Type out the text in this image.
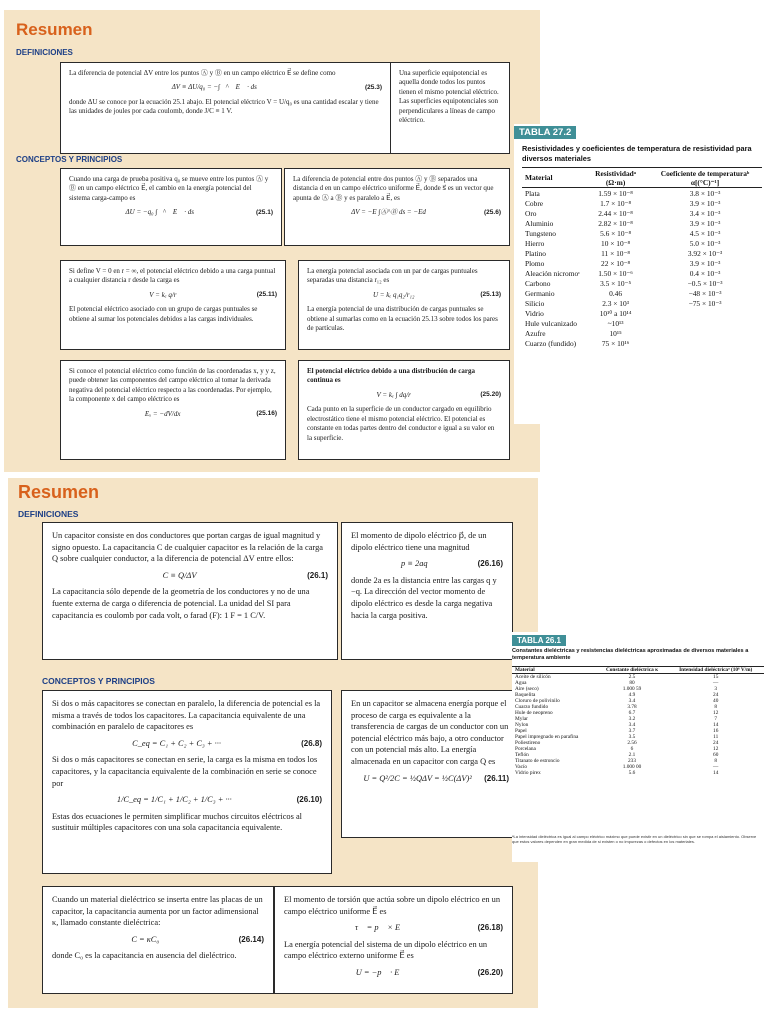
Resumen
DEFINICIONES

La diferencia de potencial ΔV entre los puntos Ⓐ y Ⓑ en un campo eléctrico E⃗ se define como

ΔV ≡ ΔU/q₀ = −∫Ⓐ^Ⓑ E⃗ · ds⃗	(25.3)

donde ΔU se conoce por la ecuación 25.1 abajo. El potencial eléctrico V = U/q₀ es una cantidad escalar y tiene las unidades de joules por cada coulomb, donde J/C ≡ 1 V.

Una superficie equipotencial es aquella donde todos los puntos tienen el mismo potencial eléctrico. Las superficies equipotenciales son perpendiculares a líneas de campo eléctrico.

CONCEPTOS Y PRINCIPIOS

Cuando una carga de prueba positiva q₀ se mueve entre los puntos Ⓐ y Ⓑ en un campo eléctrico E⃗, el cambio en la energía potencial del sistema carga-campo es

ΔU = −q₀ ∫Ⓐ^Ⓑ E⃗ · ds⃗	(25.1)

La diferencia de potencial entre dos puntos Ⓐ y Ⓑ separados una distancia d en un campo eléctrico uniforme E⃗, donde s⃗ es un vector que apunta de Ⓐ a Ⓑ y es paralelo a E⃗, es

ΔV = −E ∫Ⓐ^Ⓑ ds = −Ed	(25.6)

Si define V = 0 en r = ∞, el potencial eléctrico debido a una carga puntual a cualquier distancia r desde la carga es

V = kₑ q/r	(25.11)

El potencial eléctrico asociado con un grupo de cargas puntuales se obtiene al sumar los potenciales debidos a las cargas individuales.

La energía potencial asociada con un par de cargas puntuales separadas una distancia r₁₂ es

U = kₑ q₁q₂/r₁₂	(25.13)

La energía potencial de una distribución de cargas puntuales se obtiene al sumarlas como en la ecuación 25.13 sobre todos los pares de partículas.

Si conoce el potencial eléctrico como función de las coordenadas x, y y z, puede obtener las componentes del campo eléctrico al tomar la derivada negativa del potencial eléctrico respecto a las coordenadas. Por ejemplo, la componente x del campo eléctrico es

Eₓ = −dV/dx	(25.16)

El potencial eléctrico debido a una distribución de carga continua es

V = kₑ ∫ dq/r	(25.20)

Cada punto en la superficie de un conductor cargado en equilibrio electrostático tiene el mismo potencial eléctrico. El potencial es constante en todas partes dentro del conductor e igual a su valor en la superficie.

TABLA 27.2
Resistividades y coeficientes de temperatura de resistividad para diversos materiales
Material	Resistividadᵃ (Ω·m)	Coeficiente de temperaturaᵇ α[(°C)⁻¹]
Plata	1.59 × 10⁻⁸	3.8 × 10⁻³
Cobre	1.7 × 10⁻⁸	3.9 × 10⁻³
Oro	2.44 × 10⁻⁸	3.4 × 10⁻³
Aluminio	2.82 × 10⁻⁸	3.9 × 10⁻³
Tungsteno	5.6 × 10⁻⁸	4.5 × 10⁻³
Hierro	10 × 10⁻⁸	5.0 × 10⁻³
Platino	11 × 10⁻⁸	3.92 × 10⁻³
Plomo	22 × 10⁻⁸	3.9 × 10⁻³
Aleación nicromoᶜ	1.50 × 10⁻⁶	0.4 × 10⁻³
Carbono	3.5 × 10⁻⁵	−0.5 × 10⁻³
Germanio	0.46	−48 × 10⁻³
Silicio	2.3 × 10³	−75 × 10⁻³
Vidrio	10¹⁰ a 10¹⁴	
Hule vulcanizado	~10¹³	
Azufre	10¹⁵	
Cuarzo (fundido)	75 × 10¹⁶	
Resumen
DEFINICIONES

Un capacitor consiste en dos conductores que portan cargas de igual magnitud y signo opuesto. La capacitancia C de cualquier capacitor es la relación de la carga Q sobre cualquier conductor, a la diferencia de potencial ΔV entre ellos:

C ≡ Q/ΔV	(26.1)

La capacitancia sólo depende de la geometría de los conductores y no de una fuente externa de carga o diferencia de potencial. La unidad del SI para capacitancia es coulomb por cada volt, o farad (F): 1 F = 1 C/V.

El momento de dipolo eléctrico p⃗, de un dipolo eléctrico tiene una magnitud

p ≡ 2aq	(26.16)

donde 2a es la distancia entre las cargas q y −q. La dirección del vector momento de dipolo eléctrico es desde la carga negativa hacia la carga positiva.

CONCEPTOS Y PRINCIPIOS

Si dos o más capacitores se conectan en paralelo, la diferencia de potencial es la misma a través de todos los capacitores. La capacitancia equivalente de una combinación en paralelo de capacitores es

C_eq = C₁ + C₂ + C₃ + ···	(26.8)

Si dos o más capacitores se conectan en serie, la carga es la misma en todos los capacitores, y la capacitancia equivalente de la combinación en serie se conoce por

1/C_eq = 1/C₁ + 1/C₂ + 1/C₃ + ···	(26.10)

Estas dos ecuaciones le permiten simplificar muchos circuitos eléctricos al sustituir múltiples capacitores con una sola capacitancia equivalente.

En un capacitor se almacena energía porque el proceso de carga es equivalente a la transferencia de cargas de un conductor con un potencial eléctrico más bajo, a otro conductor con un potencial más alto. La energía almacenada en un capacitor con carga Q es

U = Q²/2C = ½QΔV = ½C(ΔV)²	(26.11)

Cuando un material dieléctrico se inserta entre las placas de un capacitor, la capacitancia aumenta por un factor adimensional κ, llamado constante dieléctrica:

C = κC₀	(26.14)

donde C₀ es la capacitancia en ausencia del dieléctrico.

El momento de torsión que actúa sobre un dipolo eléctrico en un campo eléctrico uniforme E⃗ es

τ⃗ = p⃗ × E⃗	(26.18)

La energía potencial del sistema de un dipolo eléctrico en un campo eléctrico externo uniforme E⃗ es

U = −p⃗ · E⃗	(26.20)
TABLA 26.1
Constantes dieléctricas y resistencias dieléctricas aproximadas de diversos materiales a temperatura ambiente
Material	Constante dieléctrica κ	Intensidad dieléctricaᵃ (10⁶ V/m)
Aceite de silicón	2.5	15
Agua	80	—
Aire (seco)	1.000 59	3
Baquelita	4.9	24
Cloruro de polivinilo	3.4	40
Cuarzo fundido	3.78	8
Hule de neopreno	6.7	12
Mylar	3.2	7
Nylon	3.4	14
Papel	3.7	16
Papel impregnado en parafina	3.5	11
Poliestireno	2.56	24
Porcelana	6	12
Teflón	2.1	60
Titanato de estroncio	233	8
Vacío	1.000 00	—
Vidrio pirex	5.6	14
ᵃLa intensidad dieléctrica es igual al campo eléctrico máximo que puede existir en un dieléctrico sin que se rompa el aislamiento. Observe que estos valores dependen en gran medida de si existen o no impurezas o defectos en los materiales.
